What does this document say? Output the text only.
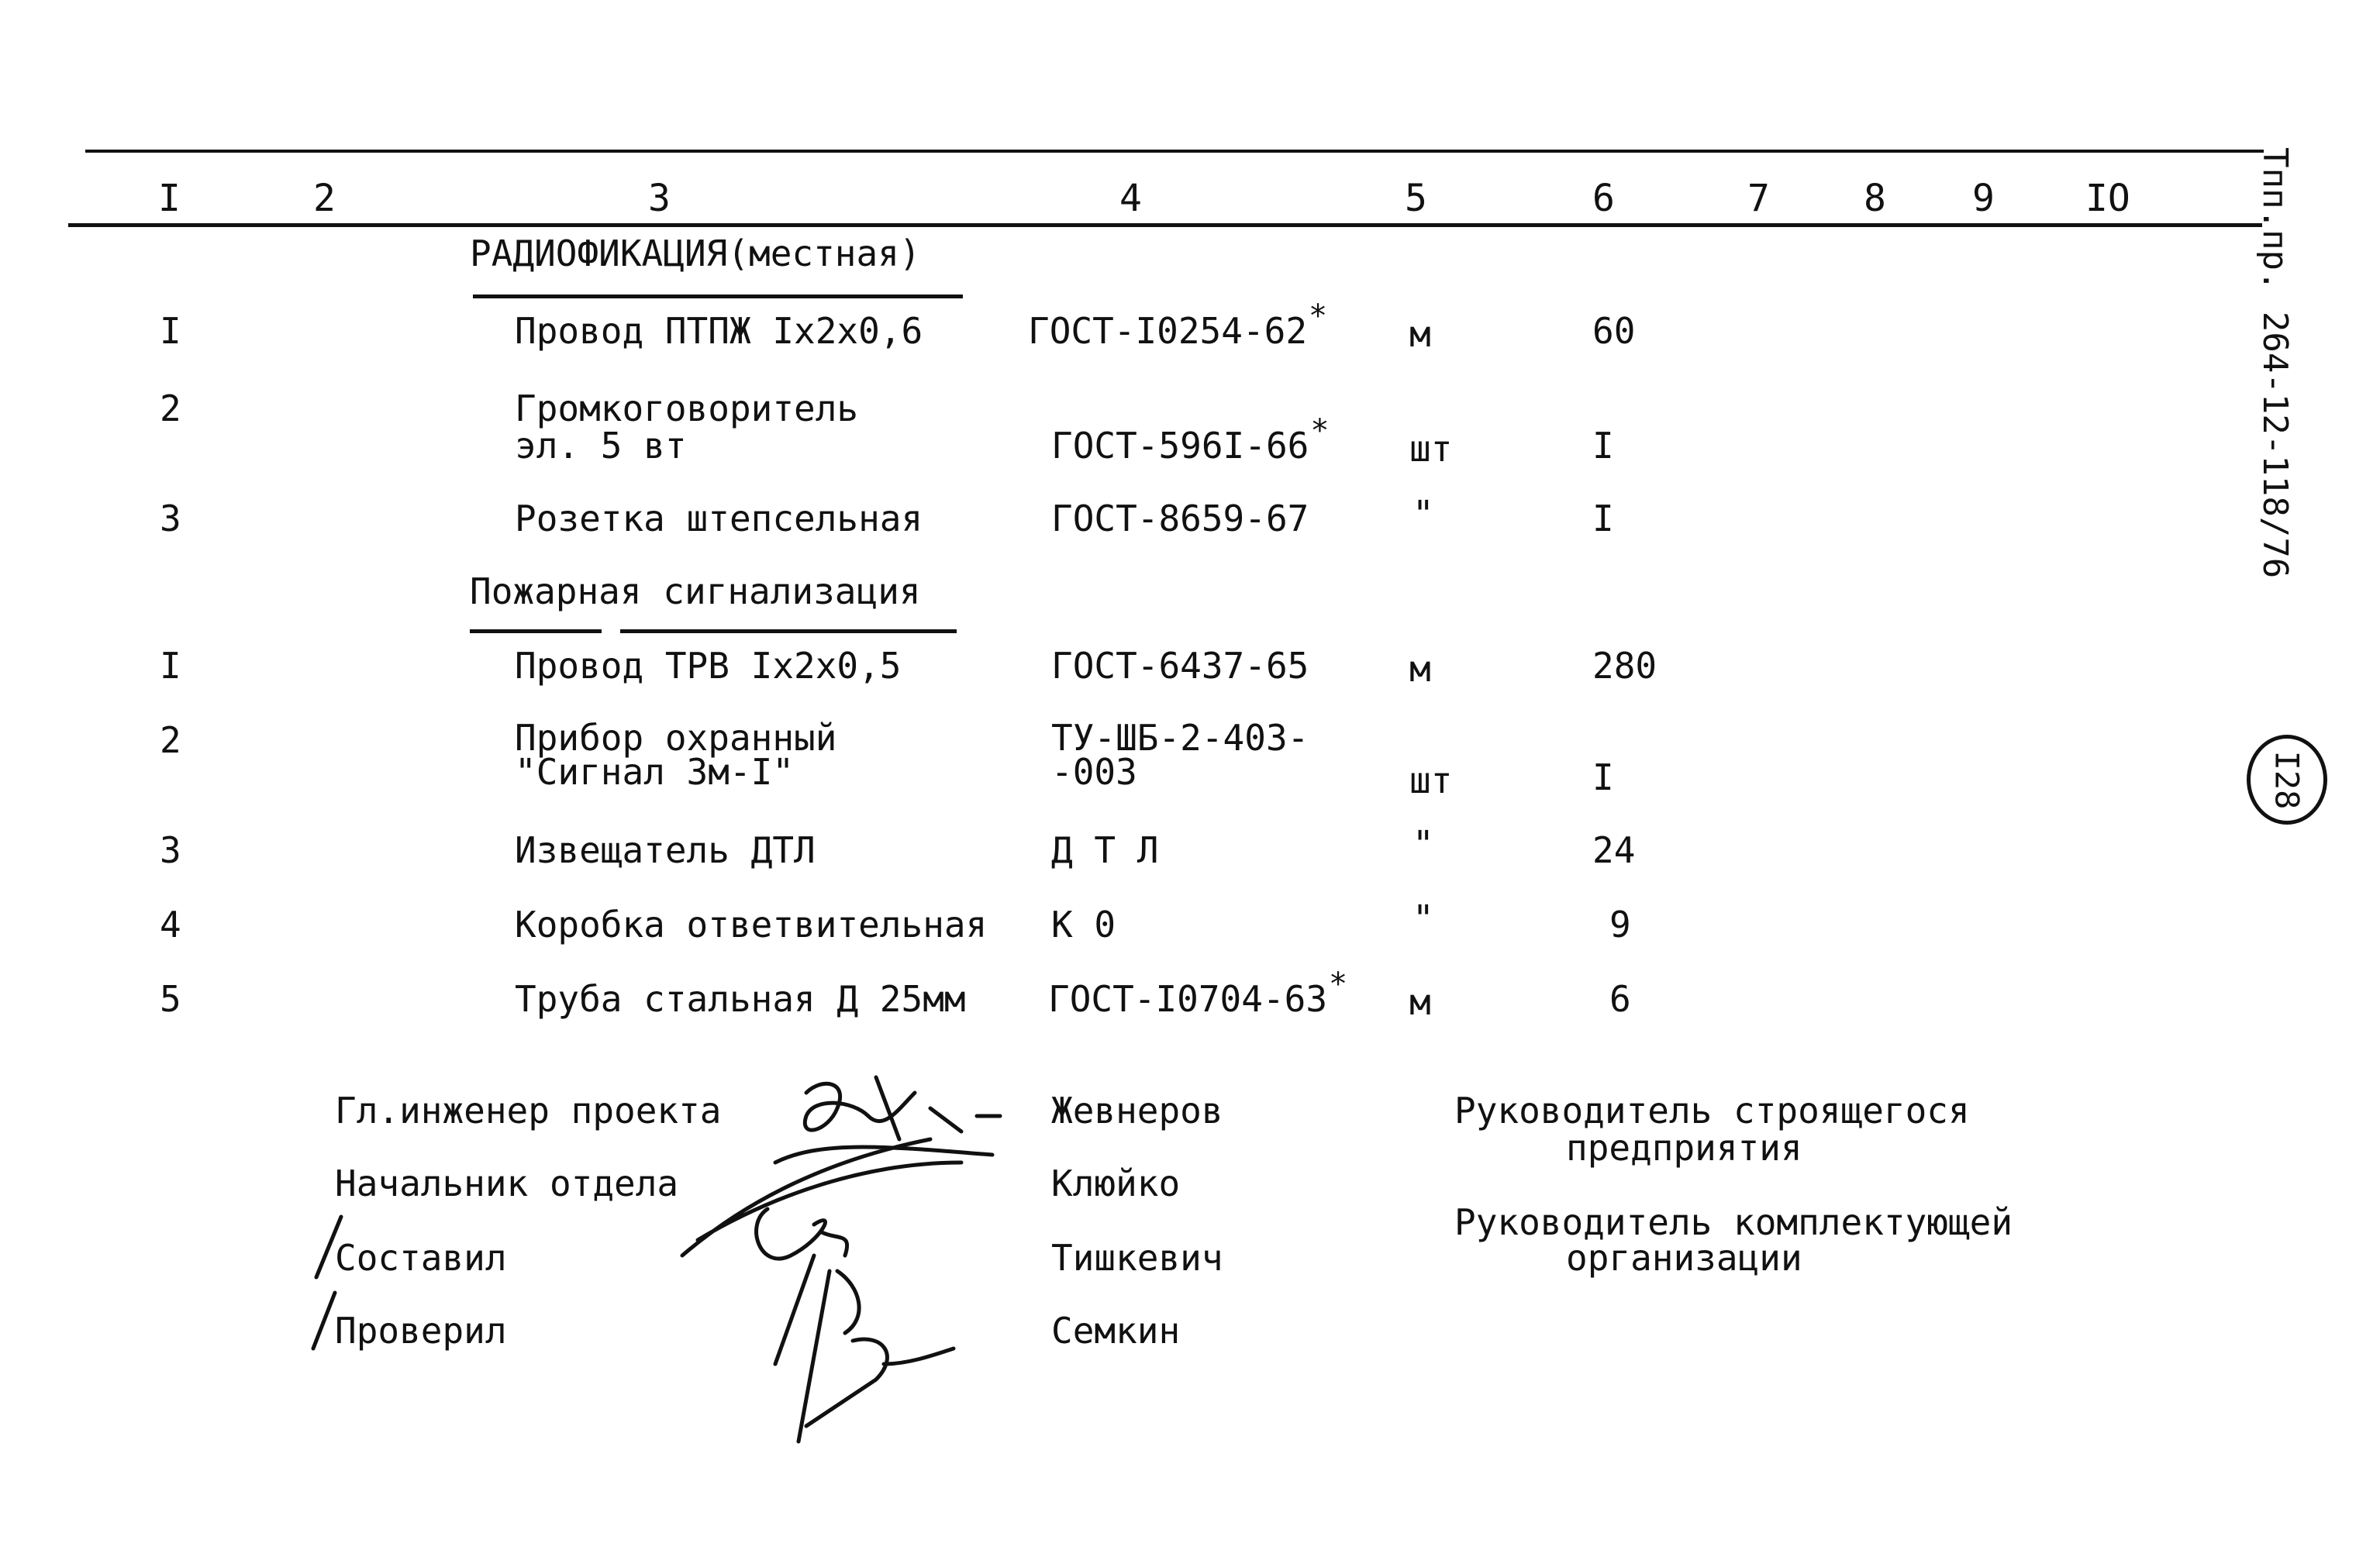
I	2	3	4	5	6	7	8 9 IO
РАДИОФИКАЦИЯ(местная)
I	Провод ПТПЖ Iх2х0,6	ГОСТ-I0254-62* м	60
2	Громкоговоритель
эл. 5 вт	ГОСТ-596I-66* шт	I
3	Розетка штепсельная	ГОСТ-8659-67	"	I
Пожарная сигнализация
I	Провод ТРВ Iх2х0,5	ГОСТ-6437-65	м	280
2	Прибор охранный
"Сигнал 3м-I"
ТУ-ШБ-2-403-
-003	шт	I
3	Извещатель ДТЛ	Д Т Л	"	24
4	Коробка ответвительная К 0	"	9
5	Труба стальная Д 25мм ГОСТ-I0704-63* м	6
Гл.инженер проекта
Начальник отдела
Составил
Проверил
Жевнеров
Клюйко
Тишкевич
Семкин
Руководитель строящегося
предприятия
Руководитель комплектующей
организации
Тпп.пр. 264-12-118/76
I28
